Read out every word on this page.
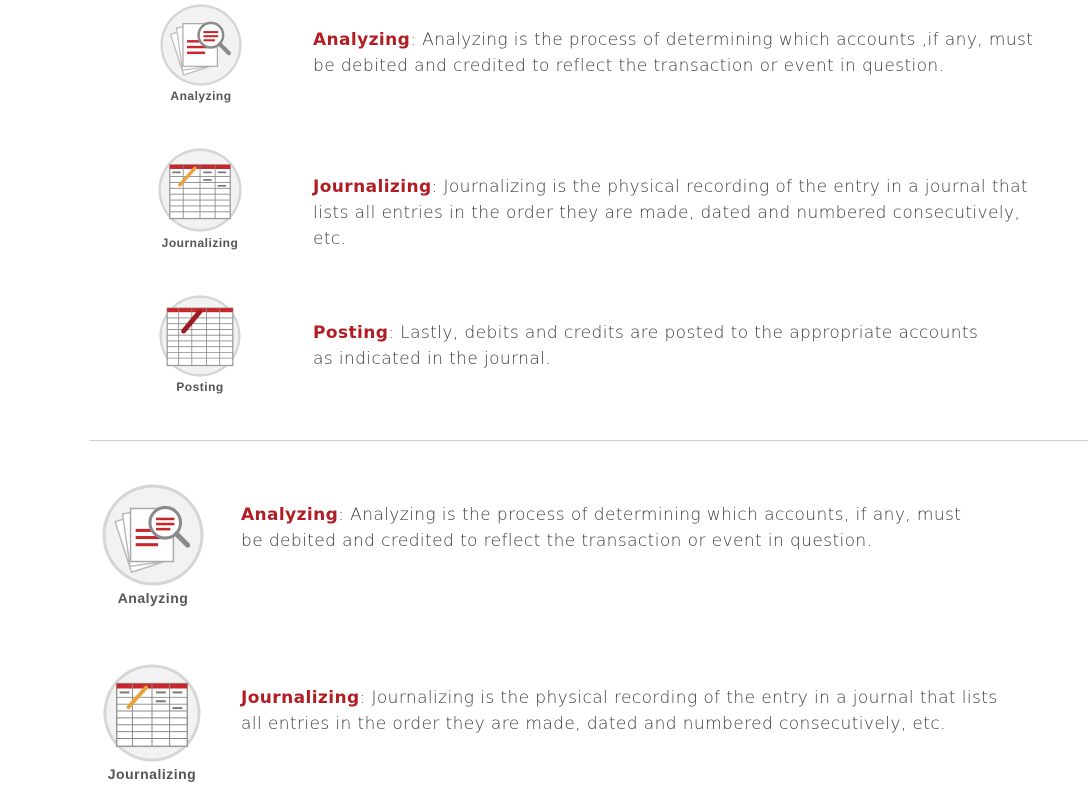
Analyzing
Analyzing: Analyzing is the process of determining which accounts ,if any, must be debited and credited to reflect the transaction or event in question.
Journalizing
Journalizing: Journalizing is the physical recording of the entry in a journal that lists all entries in the order they are made, dated and numbered consecutively, etc.
Posting
Posting: Lastly, debits and credits are posted to the appropriate accounts as indicated in the journal.
Analyzing
Analyzing: Analyzing is the process of determining which accounts, if any, must be debited and credited to reflect the transaction or event in question.
Journalizing
Journalizing: Journalizing is the physical recording of the entry in a journal that lists all entries in the order they are made, dated and numbered consecutively, etc.
